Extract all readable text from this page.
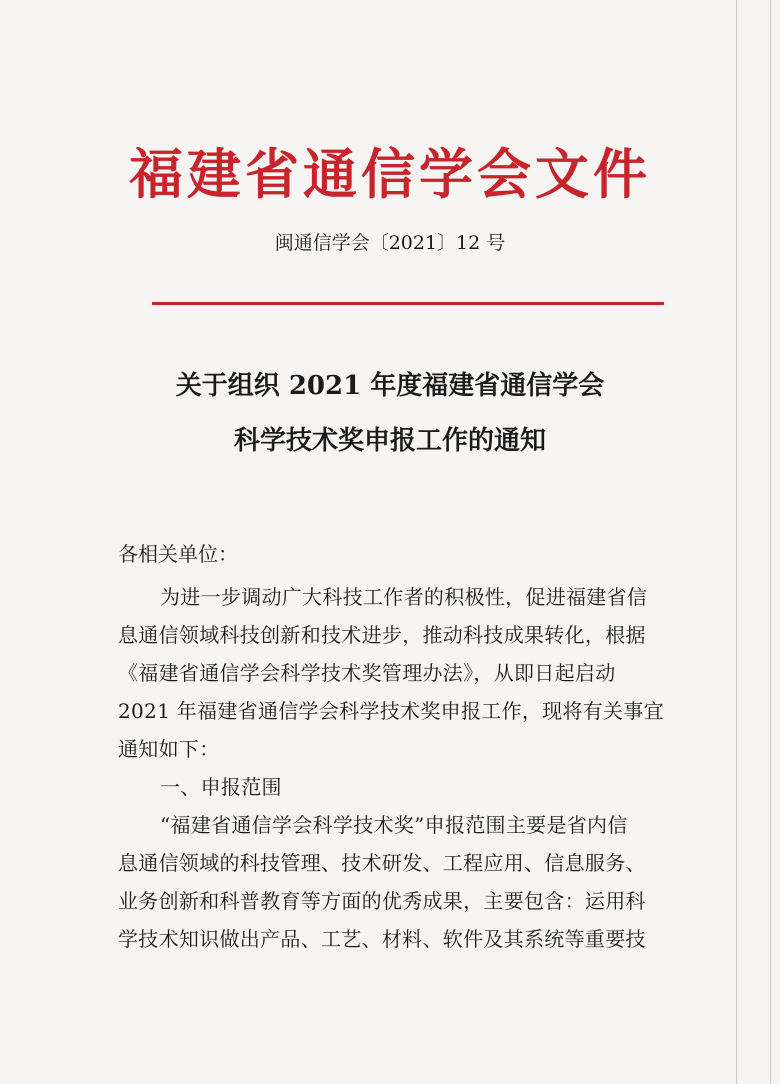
福建省通信学会文件
闽通信学会〔2021〕12 号
关于组织 2021 年度福建省通信学会
科学技术奖申报工作的通知
各相关单位：
为进一步调动广大科技工作者的积极性，促进福建省信
息通信领域科技创新和技术进步，推动科技成果转化，根据
《福建省通信学会科学技术奖管理办法》，从即日起启动
2021 年福建省通信学会科学技术奖申报工作，现将有关事宜
通知如下：
一、申报范围
“福建省通信学会科学技术奖”申报范围主要是省内信
息通信领域的科技管理、技术研发、工程应用、信息服务、
业务创新和科普教育等方面的优秀成果，主要包含：运用科
学技术知识做出产品、工艺、材料、软件及其系统等重要技
